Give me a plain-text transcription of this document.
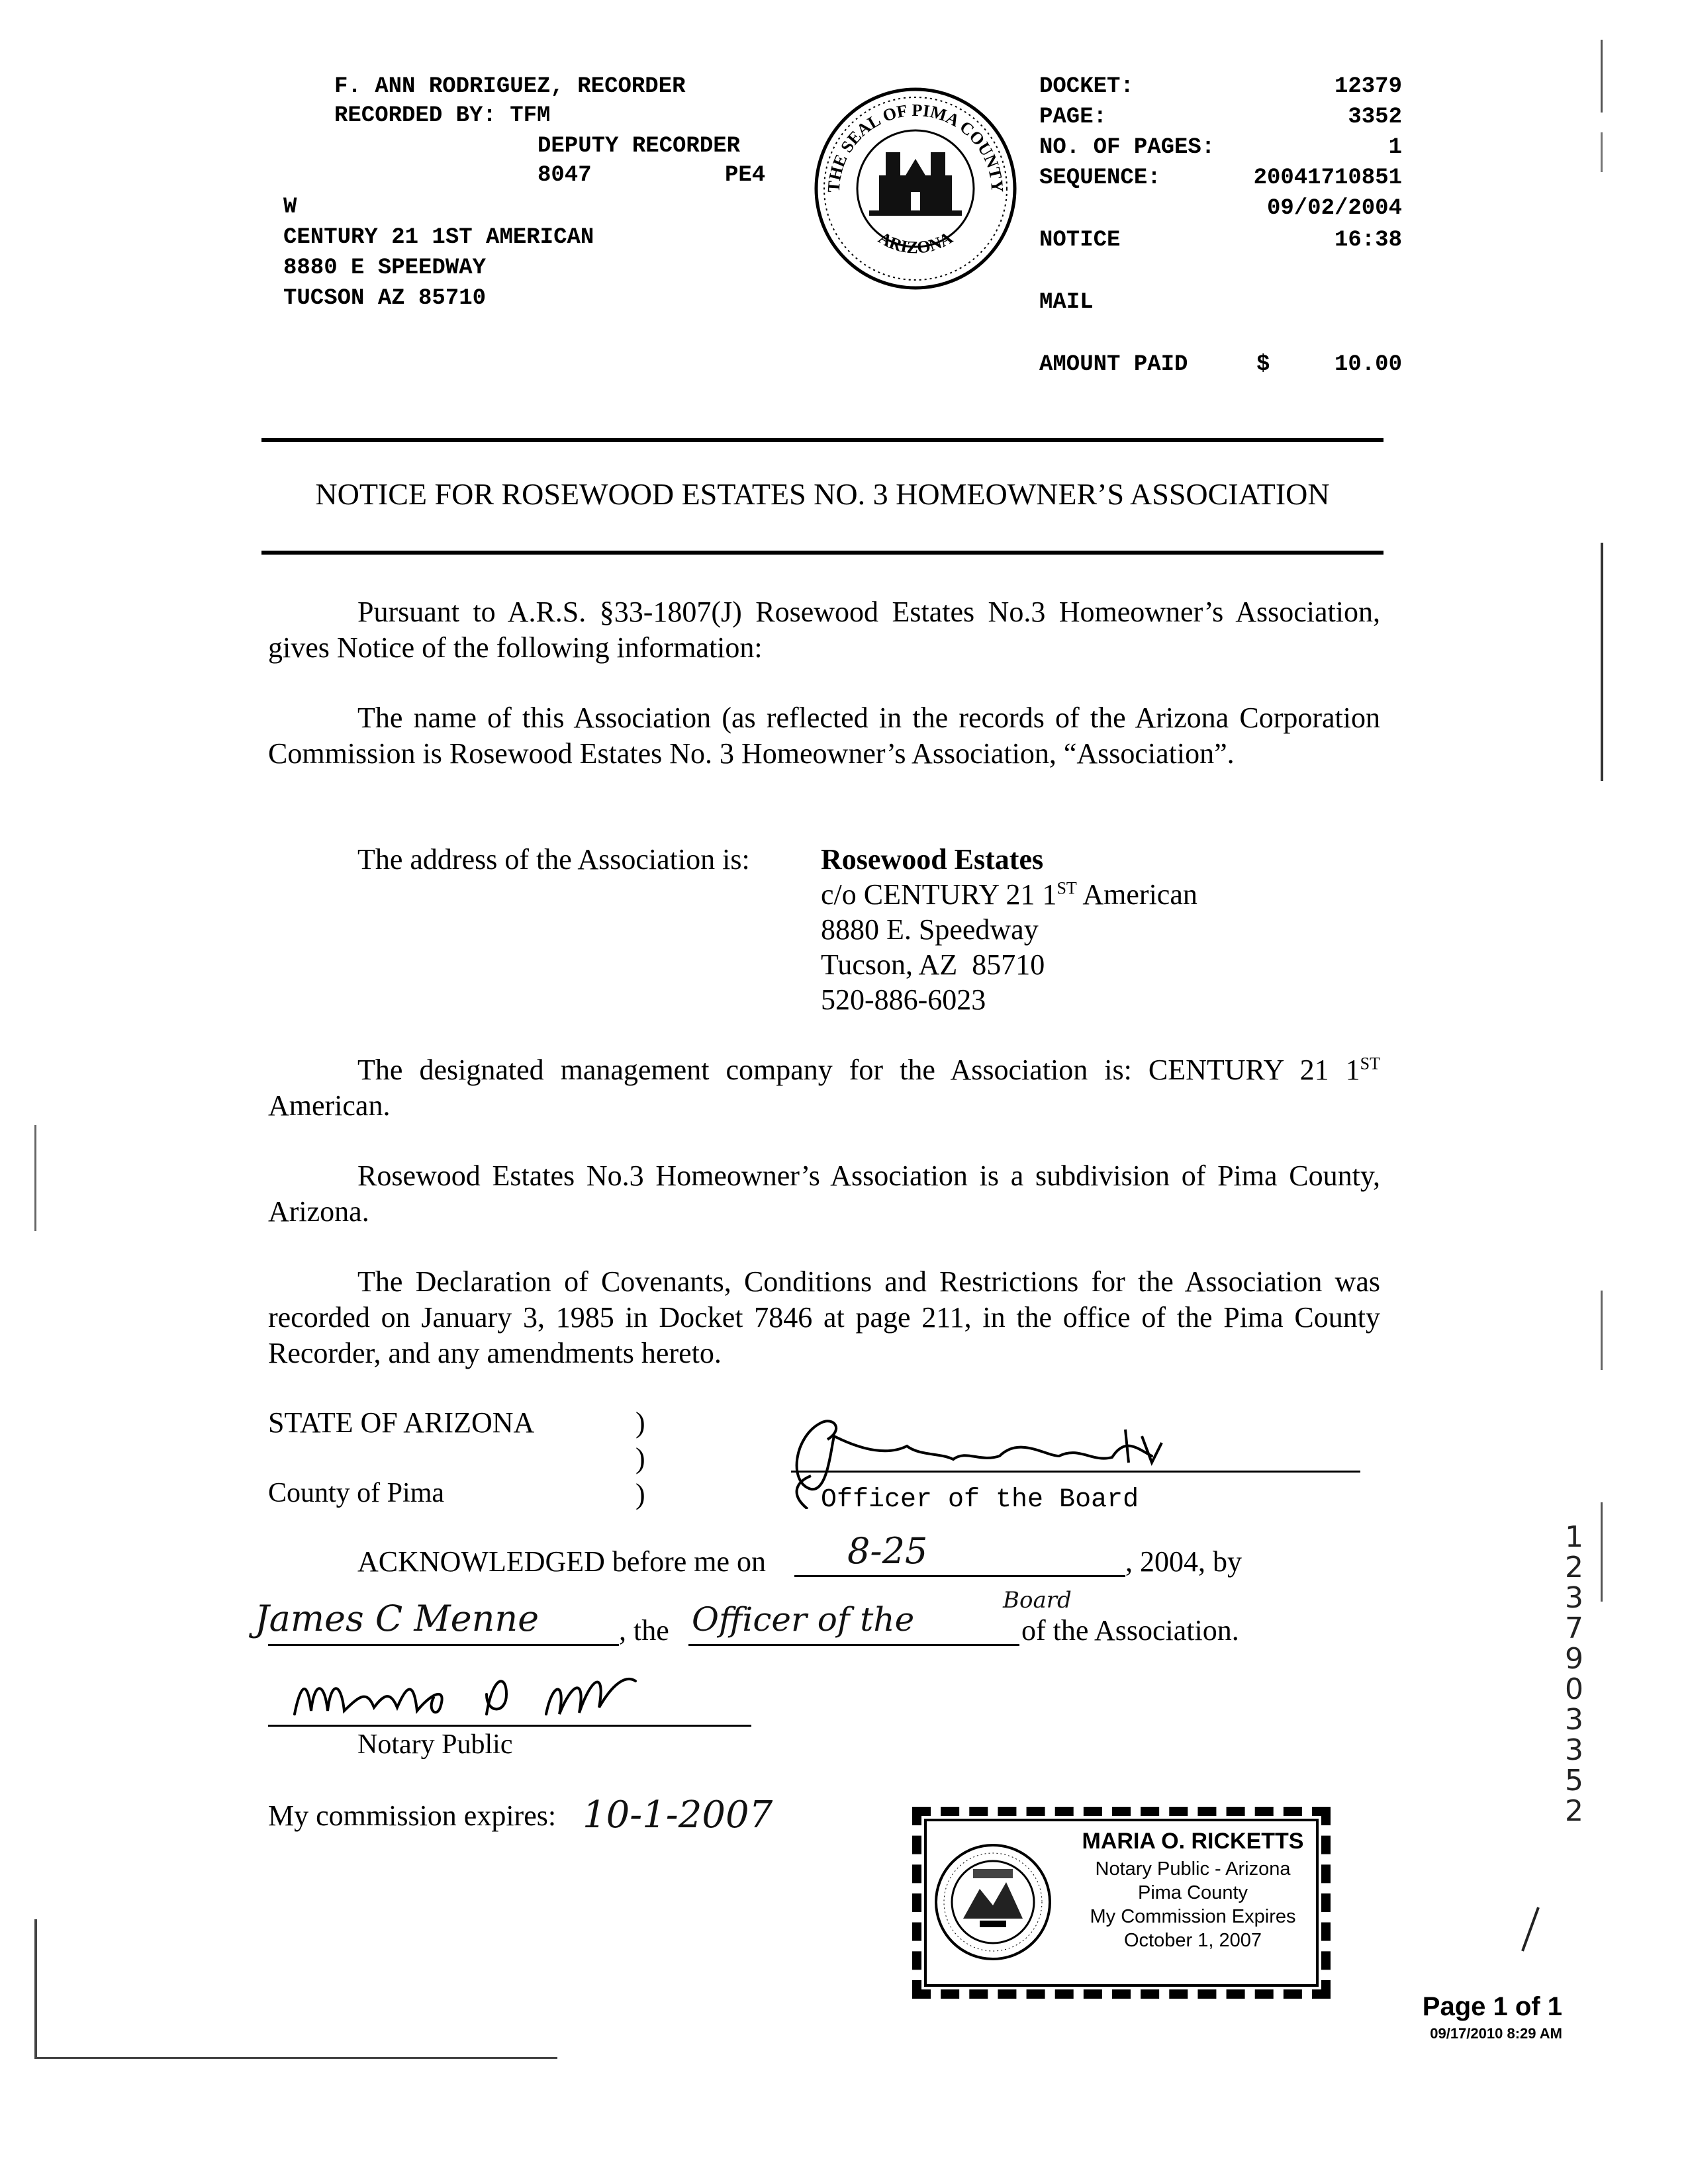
F. ANN RODRIGUEZ, RECORDER
RECORDED BY: TFM
DEPUTY RECORDER
8047	PE4
W
CENTURY 21 1ST AMERICAN
8880 E SPEEDWAY
TUCSON AZ 85710
THE SEAL OF PIMA COUNTY
ARIZONA
DOCKET:	12379
PAGE:	3352
NO. OF PAGES:	1
SEQUENCE:	20041710851
09/02/2004
NOTICE	16:38
MAIL
AMOUNT PAID	$	10.00
NOTICE FOR ROSEWOOD ESTATES NO. 3 HOMEOWNER’S ASSOCIATION
Pursuant to A.R.S. §33-1807(J) Rosewood Estates No.3 Homeowner’s Association, gives Notice of the following information:
The name of this Association (as reflected in the records of the Arizona Corporation Commission is Rosewood Estates No. 3 Homeowner’s Association, “Association”.
The address of the Association is: Rosewood Estates
c/o CENTURY 21 1ST American
8880 E. Speedway
Tucson, AZ  85710
520-886-6023
The designated management company for the Association is: CENTURY 21 1ST American.
Rosewood Estates No.3 Homeowner’s Association is a subdivision of Pima County, Arizona.
The Declaration of Covenants, Conditions and Restrictions for the Association was recorded on January 3, 1985 in Docket 7846 at page 211, in the office of the Pima County Recorder, and any amendments hereto.
STATE OF ARIZONA
County of Pima
)
)
)	Officer of the Board
ACKNOWLEDGED before me on 8-25	, 2004, by
James C Menne	, the Officer of the	Board
of the Association.
Notary Public
My commission expires: 10-1-2007
MARIA O. RICKETTS
Notary Public - Arizona
Pima County
My Commission Expires
October 1, 2007
12379 03352
Page 1 of 1
09/17/2010 8:29 AM
